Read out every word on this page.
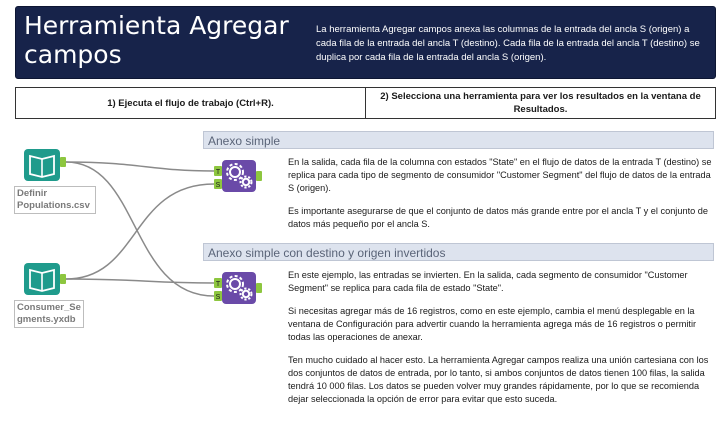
Herramienta Agregar campos
La herramienta Agregar campos anexa las columnas de la entrada del ancla S (origen) a cada fila de la entrada del ancla T (destino). Cada fila de la entrada del ancla T (destino) se duplica por cada fila de la entrada del ancla S (origen).
1) Ejecuta el flujo de trabajo (Ctrl+R).
2) Selecciona una herramienta para ver los resultados en la ventana de Resultados.
T
S
T
S
Definir Populations.csv
Consumer_Segments.yxdb
Anexo simple

En la salida, cada fila de la columna con estados "State" en el flujo de datos de la entrada T (destino) se replica para cada tipo de segmento de consumidor "Customer Segment" del flujo de datos de la entrada S (origen).

Es importante asegurarse de que el conjunto de datos más grande entre por el ancla T y el conjunto de datos más pequeño por el ancla S.

Anexo simple con destino y origen invertidos

En este ejemplo, las entradas se invierten. En la salida, cada segmento de consumidor "Customer Segment" se replica para cada fila de estado "State".

Si necesitas agregar más de 16 registros, como en este ejemplo, cambia el menú desplegable en la ventana de Configuración para advertir cuando la herramienta agrega más de 16 registros o permitir todas las operaciones de anexar.

Ten mucho cuidado al hacer esto. La herramienta Agregar campos realiza una unión cartesiana con los dos conjuntos de datos de entrada, por lo tanto, si ambos conjuntos de datos tienen 100 filas, la salida tendrá 10 000 filas. Los datos se pueden volver muy grandes rápidamente, por lo que se recomienda dejar seleccionada la opción de error para evitar que esto suceda.
